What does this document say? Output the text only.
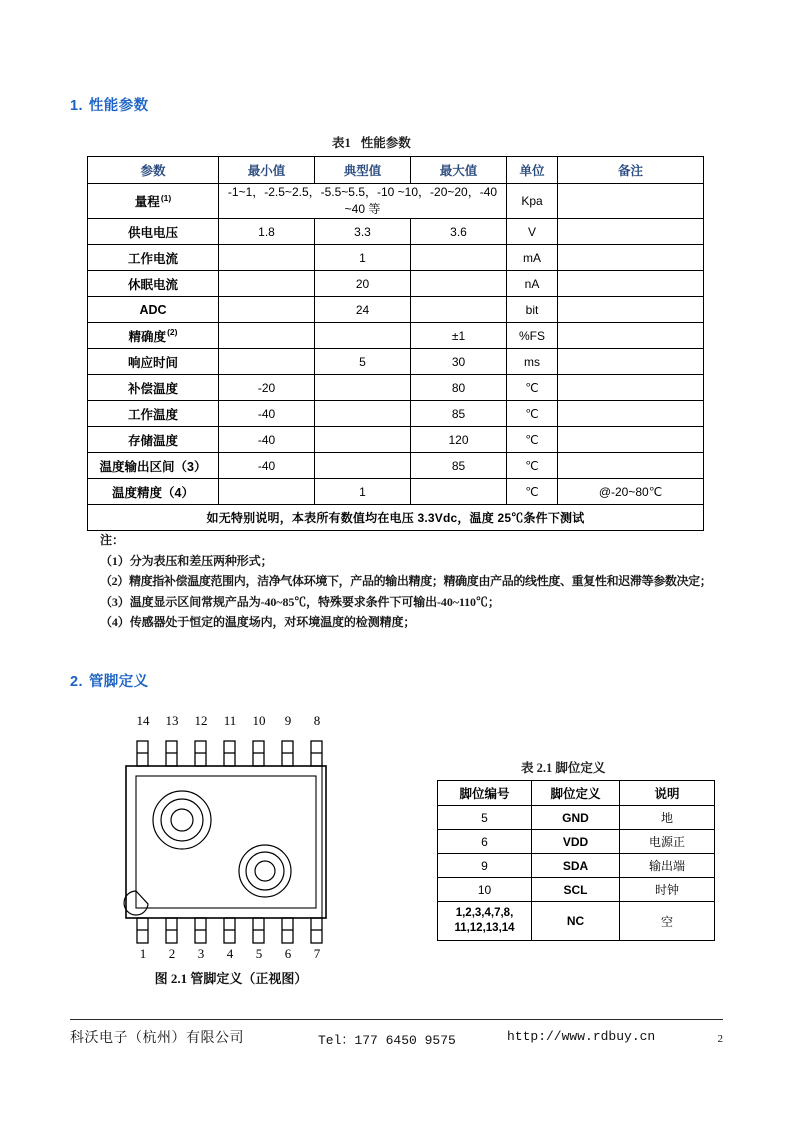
1. 性能参数
表1 性能参数
参数	最小值	典型值	最大值	单位	备注
量程$^{(1)}$	-1~1，-2.5~2.5，-5.5~5.5，-10 ~10，-20~20，-40 ~40 等			Kpa	
供电电压	1.8	3.3	3.6	V	
工作电流		1		mA	
休眠电流		20		nA	
ADC		24		bit	
精确度$^{(2)}$			±1	%FS	
响应时间		5	30	ms	
补偿温度	-20		80	℃	
工作温度	-40		85	℃	
存储温度	-40		120	℃	
温度输出区间（3）	-40		85	℃	
温度精度（4）		1		℃	@-20~80℃
如无特别说明，本表所有数值均在电压 3.3Vdc，温度 25℃条件下测试					
注：
（1）分为表压和差压两种形式；
（2）精度指补偿温度范围内，洁净气体环境下，产品的输出精度；精确度由产品的线性度、重复性和迟滞等参数决定；
（3）温度显示区间常规产品为-40~85℃，特殊要求条件下可输出-40~110℃；
（4）传感器处于恒定的温度场内，对环境温度的检测精度；
2. 管脚定义
14 13 12 11 10	9	8
1	2	3	4	5	6	7
图 2.1 管脚定义（正视图）
表 2.1 脚位定义
脚位编号	脚位定义	说明
5	GND	地
6	VDD	电源正
9	SDA	输出端
10	SCL	时钟
1,2,3,4,7,8,
11,12,13,14	NC	空
科沃电子（杭州）有限公司	Tel：177 6450 9575	http://www.rdbuy.cn	2
